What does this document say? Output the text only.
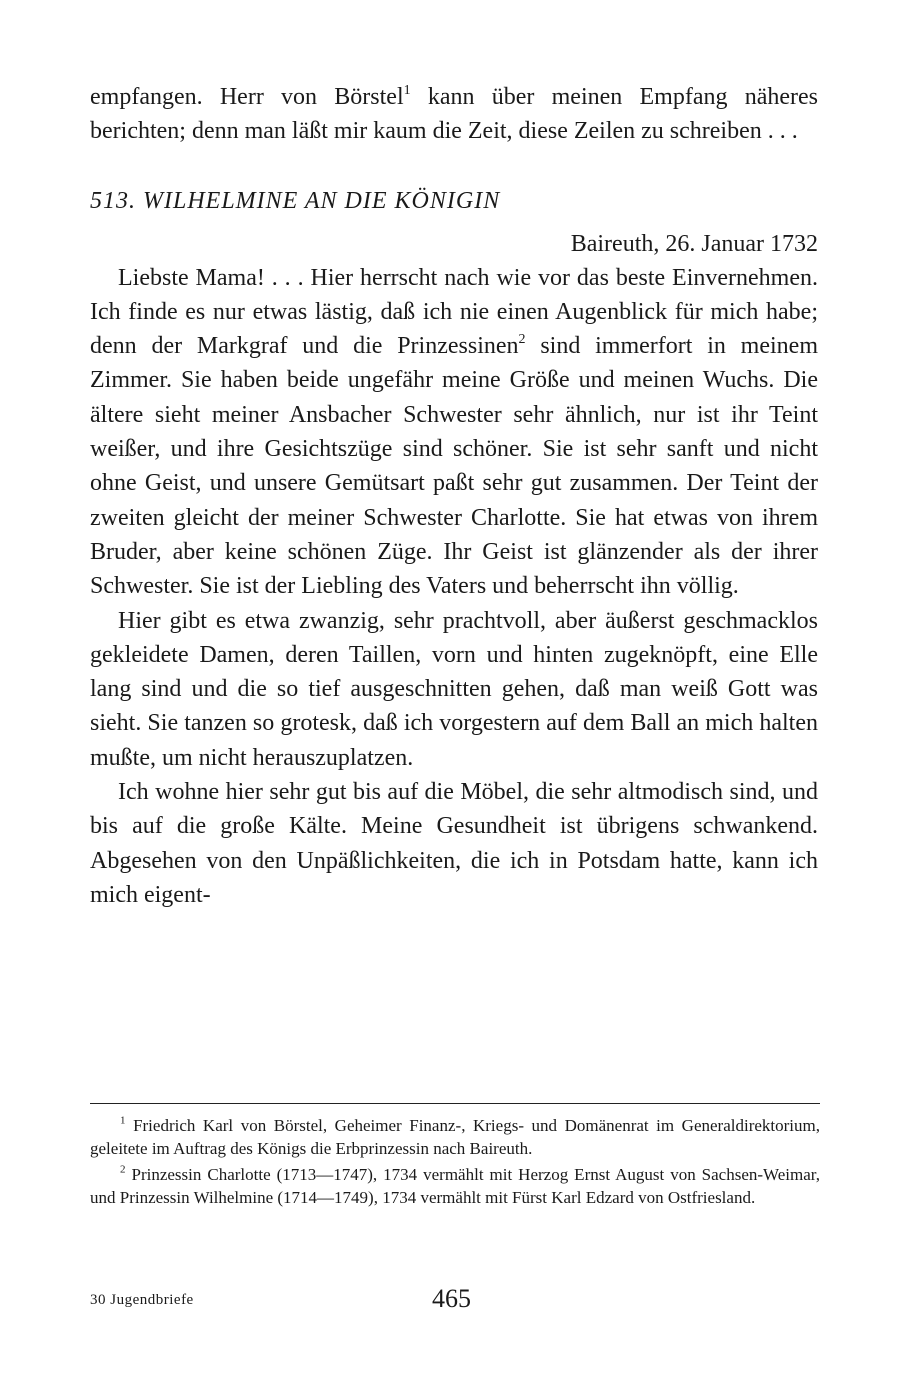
empfangen. Herr von Börstel$^1$ kann über meinen Empfang näheres berichten; denn man läßt mir kaum die Zeit, diese Zeilen zu schreiben . . .

513. WILHELMINE AN DIE KÖNIGIN
Baireuth, 26. Januar 1732

Liebste Mama! . . . Hier herrscht nach wie vor das beste Einvernehmen. Ich finde es nur etwas lästig, daß ich nie einen Augenblick für mich habe; denn der Markgraf und die Prinzessinen$^2$ sind immerfort in meinem Zimmer. Sie haben beide ungefähr meine Größe und meinen Wuchs. Die ältere sieht meiner Ansbacher Schwester sehr ähnlich, nur ist ihr Teint weißer, und ihre Gesichtszüge sind schöner. Sie ist sehr sanft und nicht ohne Geist, und unsere Gemütsart paßt sehr gut zusammen. Der Teint der zweiten gleicht der meiner Schwester Charlotte. Sie hat etwas von ihrem Bruder, aber keine schönen Züge. Ihr Geist ist glänzender als der ihrer Schwester. Sie ist der Liebling des Vaters und beherrscht ihn völlig.

Hier gibt es etwa zwanzig, sehr prachtvoll, aber äußerst geschmacklos gekleidete Damen, deren Taillen, vorn und hinten zugeknöpft, eine Elle lang sind und die so tief ausgeschnitten gehen, daß man weiß Gott was sieht. Sie tanzen so grotesk, daß ich vorgestern auf dem Ball an mich halten mußte, um nicht herauszuplatzen.

Ich wohne hier sehr gut bis auf die Möbel, die sehr altmodisch sind, und bis auf die große Kälte. Meine Gesundheit ist übrigens schwankend. Abgesehen von den Unpäßlichkeiten, die ich in Potsdam hatte, kann ich mich eigent-

$^1$ Friedrich Karl von Börstel, Geheimer Finanz-, Kriegs- und Domänenrat im Generaldirektorium, geleitete im Auftrag des Königs die Erbprinzessin nach Baireuth.

$^2$ Prinzessin Charlotte (1713—1747), 1734 vermählt mit Herzog Ernst August von Sachsen-Weimar, und Prinzessin Wilhelmine (1714—1749), 1734 vermählt mit Fürst Karl Edzard von Ostfriesland.

30 Jugendbriefe	465
